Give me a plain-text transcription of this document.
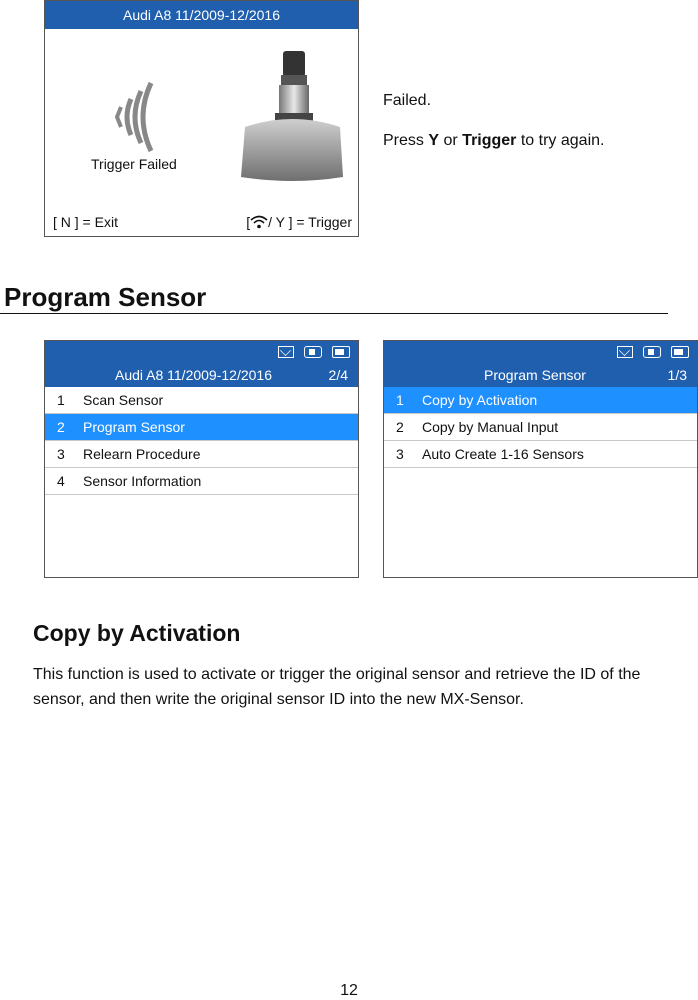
Audi A8 11/2009-12/2016
Trigger Failed
[ N ] = Exit	[ / Y ] = Trigger
Failed.
Press Y or Trigger to try again.
Program Sensor
Audi A8 11/2009-12/2016	2/4
1 Scan Sensor
2 Program Sensor
3 Relearn Procedure
4 Sensor Information
Program Sensor	1/3
1 Copy by Activation
2 Copy by Manual Input
3 Auto Create 1-16 Sensors
Copy by Activation
This function is used to activate or trigger the original sensor and retrieve the ID of the sensor, and then write the original sensor ID into the new MX-Sensor.
12
